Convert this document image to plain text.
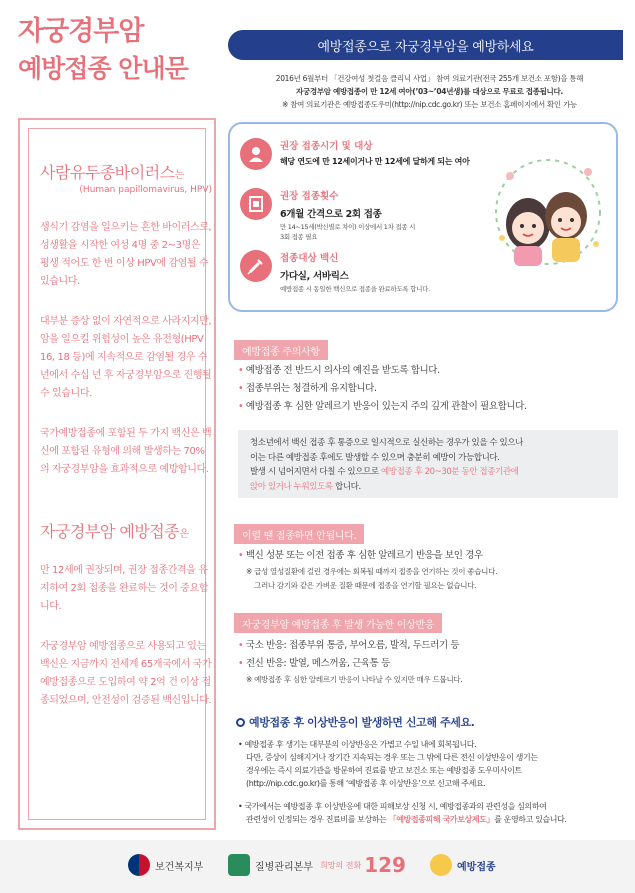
자궁경부암
예방접종 안내문
사람유두종바이러스는
(Human papillomavirus, HPV)
생식기 감염을 일으키는 흔한 바이러스로, 성생활을 시작한 여성 4명 중 2~3명은 평생 적어도 한 번 이상 HPV에 감염될 수 있습니다.
대부분 증상 없이 자연적으로 사라지지만, 암을 일으킬 위험성이 높은 유전형(HPV 16, 18 등)에 지속적으로 감염될 경우 수년에서 수십 년 후 자궁경부암으로 진행될 수 있습니다.
국가예방접종에 포함된 두 가지 백신은 백신에 포함된 유형에 의해 발생하는 70%의 자궁경부암을 효과적으로 예방합니다.
자궁경부암 예방접종은
만 12세에 권장되며, 권장 접종간격을 유지하여 2회 접종을 완료하는 것이 중요합니다.
자궁경부암 예방접종으로 사용되고 있는 백신은 지금까지 전세계 65개국에서 국가예방접종으로 도입하여 약 2억 건 이상 접종되었으며, 안전성이 검증된 백신입니다.
예방접종으로 자궁경부암을 예방하세요
2016년 6월부터 「건강여성 첫걸음 클리닉 사업」 참여 의료기관(전국 255개 보건소 포함)을 통해
자궁경부암 예방접종이 만 12세 여아(’03~’04년생)를 대상으로 무료로 접종됩니다.
※ 참여 의료기관은 예방접종도우미(http://nip.cdc.go.kr) 또는 보건소 홈페이지에서 확인 가능
권장 접종시기 및 대상
해당 연도에 만 12세이거나 만 12세에 달하게 되는 여아
권장 접종횟수
6개월 간격으로 2회 접종
만 14~15세(박신별로 차이) 이상에서 1차 접종 시
3회 접종 필요
접종대상 백신
가다실, 서바릭스
예방접종 시 동일한 백신으로 접종을 완료하도록 합니다.
예방접종 주의사항
• 예방접종 전 반드시 의사의 예진을 받도록 합니다.
• 접종부위는 청결하게 유지합니다.
• 예방접종 후 심한 알레르기 반응이 있는지 주의 깊게 관찰이 필요합니다.
청소년에서 백신 접종 후 통증으로 일시적으로 실신하는 경우가 있을 수 있으나
이는 다른 예방접종 후에도 발생할 수 있으며 충분히 예방이 가능합니다.
발생 시 넘어지면서 다칠 수 있으므로 예방접종 후 20~30분 동안 접종기관에
앉아 있거나 누워있도록 합니다.
이럴 땐 접종하면 안됩니다.
• 백신 성분 또는 이전 접종 후 심한 알레르기 반응을 보인 경우
※ 급성 열성질환에 걸린 경우에는 회복될 때까지 접종을 연기하는 것이 좋습니다.
그러나 감기와 같은 가벼운 질환 때문에 접종을 연기할 필요는 없습니다.
자궁경부암 예방접종 후 발생 가능한 이상반응
• 국소 반응: 접종부위 통증, 부어오름, 발적, 두드러기 등
• 전신 반응: 발열, 메스꺼움, 근육통 등
※ 예방접종 후 심한 알레르기 반응이 나타날 수 있지만 매우 드뭅니다.
예방접종 후 이상반응이 발생하면 신고해 주세요.
• 예방접종 후 생기는 대부분의 이상반응은 가볍고 수일 내에 회복됩니다.
다만, 증상이 심해지거나 장기간 지속되는 경우 또는 그 밖에 다른 전신 이상반응이 생기는
경우에는 즉시 의료기관을 방문하여 진료를 받고 보건소 또는 예방접종 도우미사이트
(http://nip.cdc.go.kr)를 통해 ‘예방접종 후 이상반응’으로 신고해 주세요.
• 국가에서는 예방접종 후 이상반응에 대한 피해보상 신청 시, 예방접종과의 관련성을 심의하여
관련성이 인정되는 경우 진료비를 보상하는 「예방접종피해 국가보상제도」를 운영하고 있습니다.
보건복지부	질병관리본부 희망의 전화 129	예방접종
